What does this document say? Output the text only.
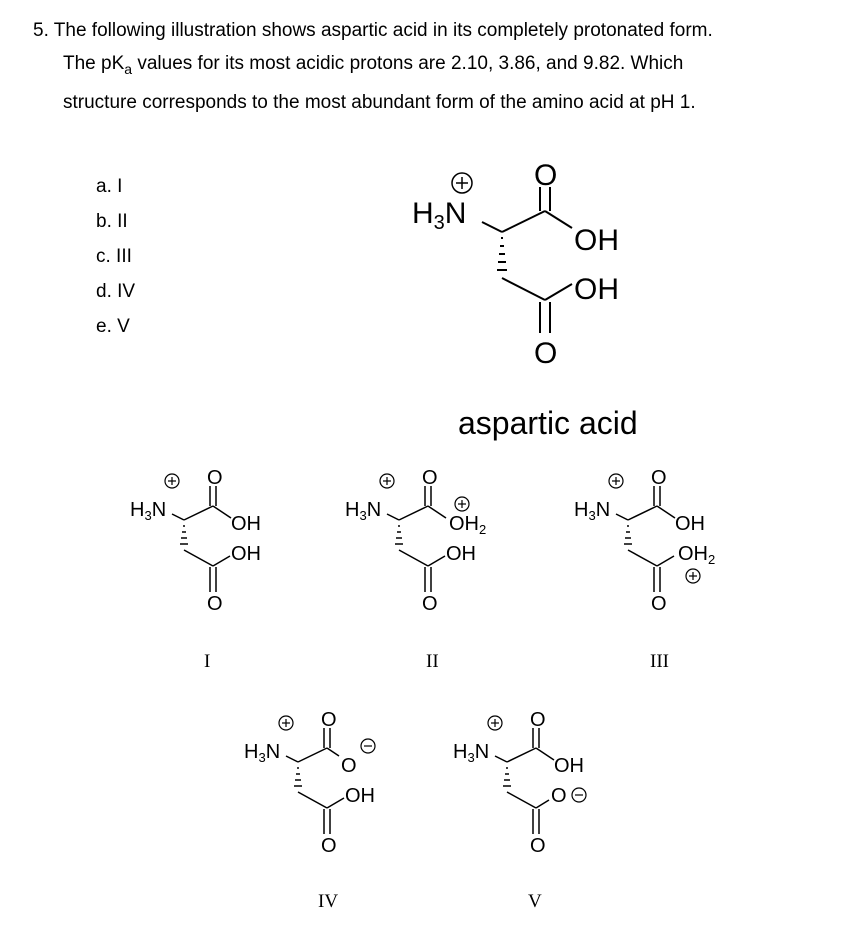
5. The following illustration shows aspartic acid in its completely protonated form.
The $pK_a$ values for its most acidic protons are 2.10, 3.86, and 9.82. Which
structure corresponds to the most abundant form of the amino acid at pH 1.
a. I
b. II
c. III
d. IV
e. V
$H_3N$
O
OH
OH
O
aspartic acid
$H_3N$
O
OH
OH
O
I
$H_3N$
O
$OH_2$
OH
O
II
$H_3N$
O
OH
$OH_2$
O
III
$H_3N$
O
O
OH
O
IV
$H_3N$
O
OH
O
O
V
